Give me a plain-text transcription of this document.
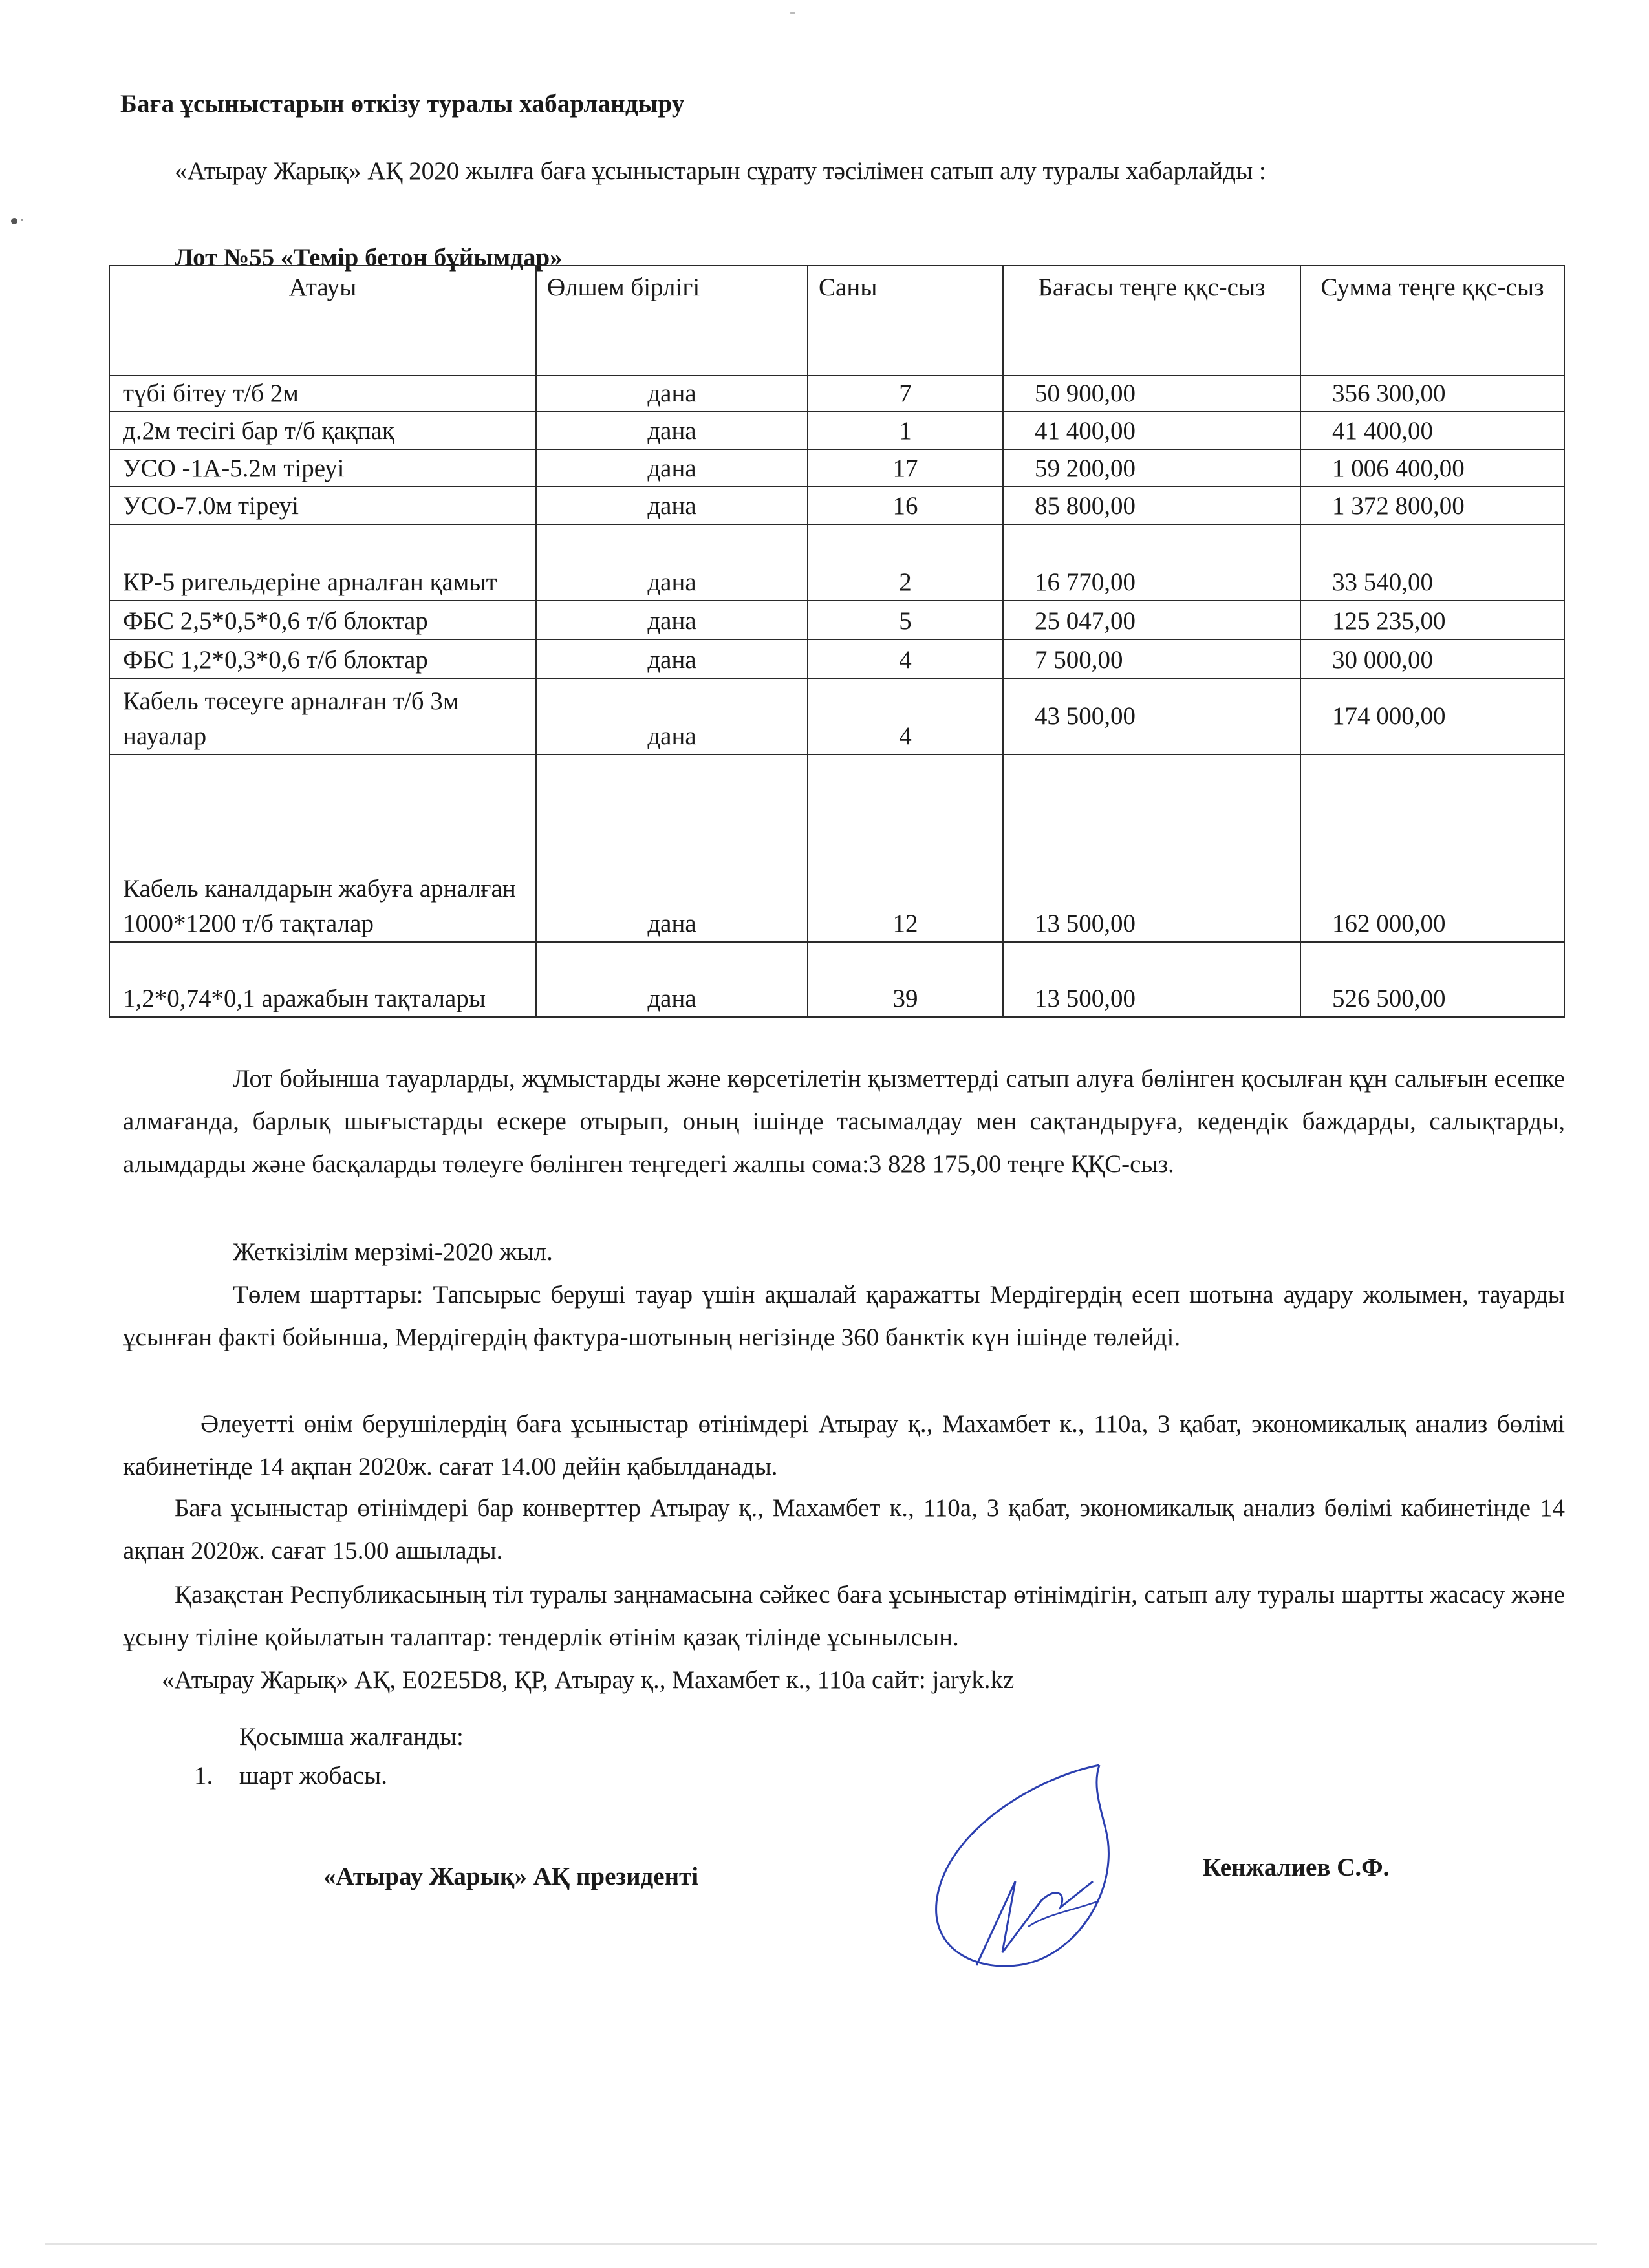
Баға ұсыныстарын өткізу туралы хабарландыру
«Атырау Жарық» АҚ 2020 жылға баға ұсыныстарын сұрату тәсілімен сатып алу туралы хабарлайды :
Лот №55 «Темір бетон бұйымдар»
Атауы	Өлшем бірлігі	Саны	Бағасы теңге ққс-сыз	Сумма теңге ққс-сыз
түбі бітеу т/б 2м	дана	7	50 900,00	356 300,00
д.2м тесігі бар т/б қақпақ	дана	1	41 400,00	41 400,00
УСО -1А-5.2м тіреуі	дана	17	59 200,00	1 006 400,00
УСО-7.0м тіреуі	дана	16	85 800,00	1 372 800,00
КР-5 ригельдеріне арналған қамыт	дана	2	16 770,00	33 540,00
ФБС 2,5*0,5*0,6 т/б блоктар	дана	5	25 047,00	125 235,00
ФБС 1,2*0,3*0,6 т/б блоктар	дана	4	7 500,00	30 000,00
Кабель төсеуге арналған т/б 3м науалар	дана	4	43 500,00	174 000,00
Кабель каналдарын жабуға арналған 1000*1200 т/б тақталар	дана	12	13 500,00	162 000,00
1,2*0,74*0,1 аражабын тақталары	дана	39	13 500,00	526 500,00
Лот бойынша тауарларды, жұмыстарды және көрсетілетін қызметтерді сатып алуға бөлінген қосылған құн салығын есепке алмағанда, барлық шығыстарды ескере отырып, оның ішінде тасымалдау мен сақтандыруға, кедендік баждарды, салықтарды, алымдарды және басқаларды төлеуге бөлінген теңгедегі жалпы сома:3 828 175,00 теңге ҚҚС-сыз.
Жеткізілім мерзімі-2020 жыл.
Төлем шарттары: Тапсырыс беруші тауар үшін ақшалай қаражатты Мердігердің есеп шотына аудару жолымен, тауарды ұсынған факті бойынша, Мердігердің фактура-шотының негізінде 360 банктік күн ішінде төлейді.
Әлеуетті өнім берушілердің баға ұсыныстар өтінімдері Атырау қ., Махамбет к., 110а, 3 қабат, экономикалық анализ бөлімі кабинетінде 14 ақпан 2020ж. сағат 14.00 дейін қабылданады.
Баға ұсыныстар өтінімдері бар конверттер Атырау қ., Махамбет к., 110а, 3 қабат, экономикалық анализ бөлімі кабинетінде 14 ақпан 2020ж. сағат 15.00 ашылады.
Қазақстан Республикасының тіл туралы заңнамасына сәйкес баға ұсыныстар өтінімдігін, сатып алу туралы шартты жасасу және ұсыну тіліне қойылатын талаптар: тендерлік өтінім қазақ тілінде ұсынылсын.
«Атырау Жарық» АҚ, E02E5D8, ҚР, Атырау қ., Махамбет к., 110а сайт: jaryk.kz
Қосымша жалғанды:
1. шарт жобасы.
«Атырау Жарық» АҚ президенті	Кенжалиев С.Ф.
